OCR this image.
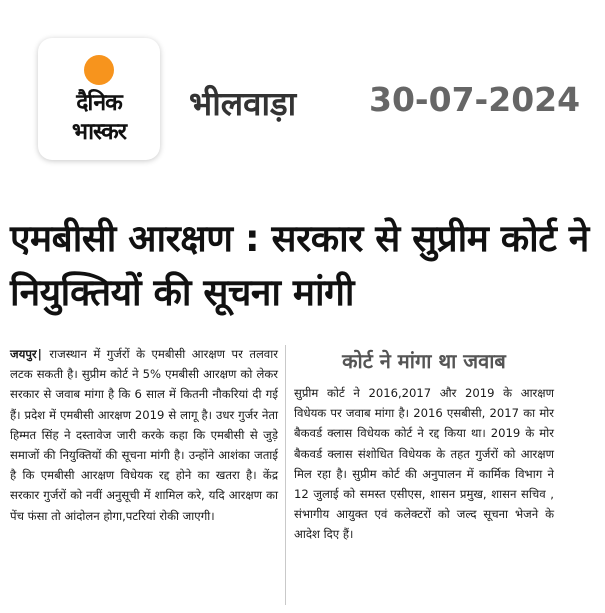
दैनिक
भास्कर
भीलवाड़ा 30-07-2024
एमबीसी आरक्षण : सरकार से सुप्रीम कोर्ट ने नियुक्तियों की सूचना मांगी
जयपुर| राजस्थान में गुर्जरों के एमबीसी आरक्षण पर तलवार लटक सकती है। सुप्रीम कोर्ट ने 5% एमबीसी आरक्षण को लेकर सरकार से जवाब मांगा है कि 6 साल में कितनी नौकरियां दी गई हैं। प्रदेश में एमबीसी आरक्षण 2019 से लागू है। उधर गुर्जर नेता हिम्मत सिंह ने दस्तावेज जारी करके कहा कि एमबीसी से जुड़े समाजों की नियुक्तियों की सूचना मांगी है। उन्होंने आशंका जताई है कि एमबीसी आरक्षण विधेयक रद्द होने का खतरा है। केंद्र सरकार गुर्जरों को नवीं अनुसूची में शामिल करे, यदि आरक्षण का पेंच फंसा तो आंदोलन होगा,पटरियां रोकी जाएगी।
कोर्ट ने मांगा था जवाब
सुप्रीम कोर्ट ने 2016,2017 और 2019 के आरक्षण विधेयक पर जवाब मांगा है। 2016 एसबीसी, 2017 का मोर बैकवर्ड क्लास विधेयक कोर्ट ने रद्द किया था। 2019 के मोर बैकवर्ड क्लास संशोधित विधेयक के तहत गुर्जरों को आरक्षण मिल रहा है। सुप्रीम कोर्ट की अनुपालन में कार्मिक विभाग ने 12 जुलाई को समस्त एसीएस, शासन प्रमुख, शासन सचिव , संभागीय आयुक्त एवं कलेक्टरों को जल्द सूचना भेजने के आदेश दिए हैं।
